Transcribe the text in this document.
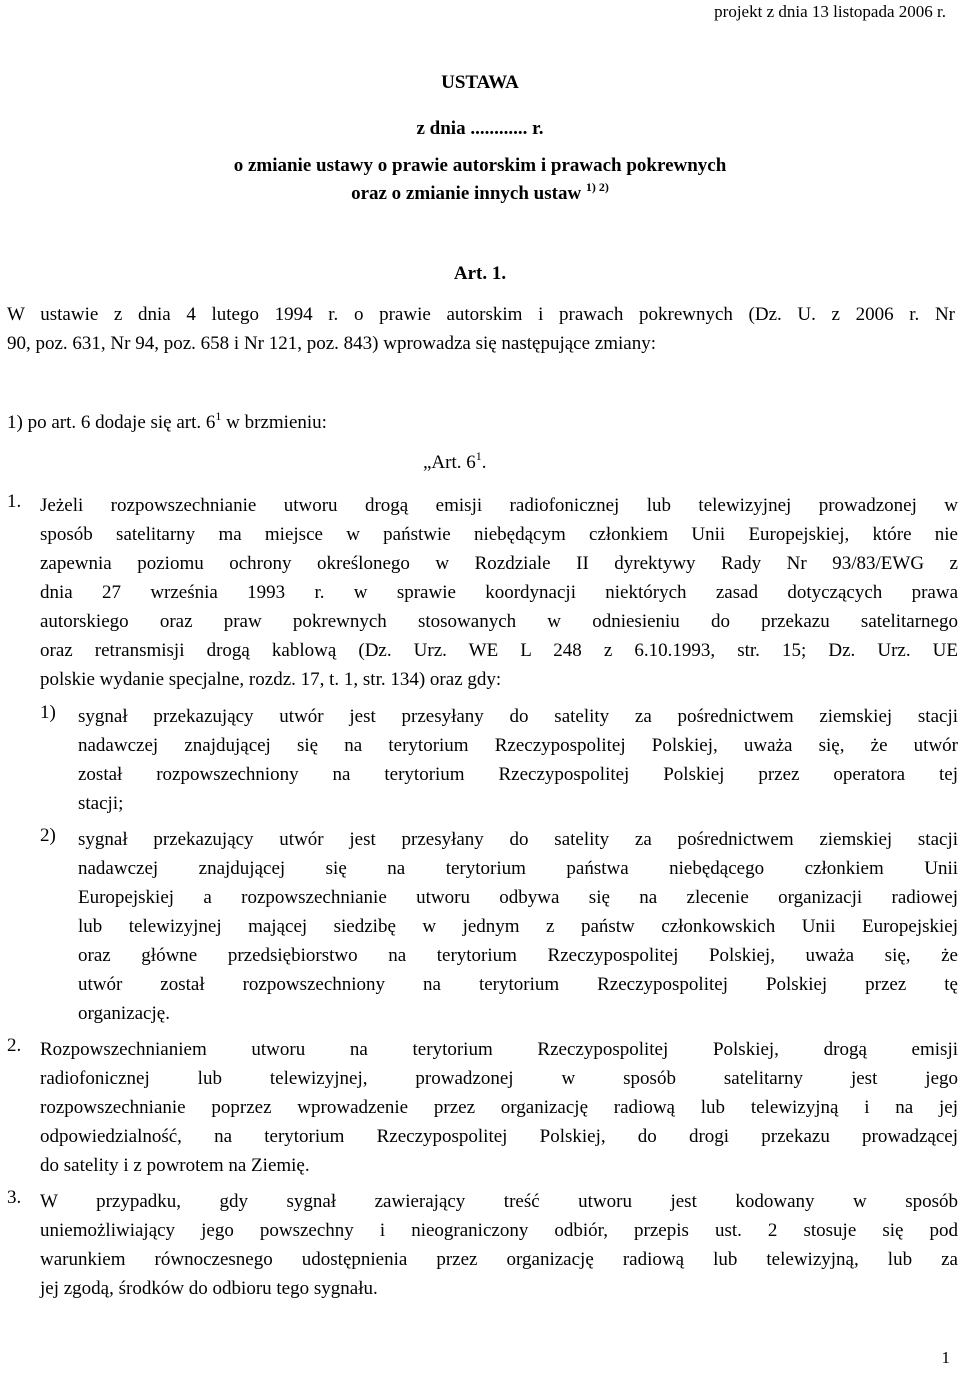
projekt z dnia 13 listopada 2006 r.
USTAWA
z dnia ............ r.
o zmianie ustawy o prawie autorskim i prawach pokrewnych
oraz o zmianie innych ustaw $^{1) 2)}$
Art. 1.
W ustawie z dnia 4 lutego 1994 r. o prawie autorskim i prawach pokrewnych (Dz. U. z 2006 r. Nr
90, poz. 631, Nr 94, poz. 658 i Nr 121, poz. 843) wprowadza się następujące zmiany:
1) po art. 6 dodaje się art. $6^1$ w brzmieniu:
„Art. $6^1$.
1. Jeżeli rozpowszechnianie utworu drogą emisji radiofonicznej lub telewizyjnej prowadzonej w
sposób satelitarny ma miejsce w państwie niebędącym członkiem Unii Europejskiej, które nie
zapewnia poziomu ochrony określonego w Rozdziale II dyrektywy Rady Nr 93/83/EWG z
dnia 27 września 1993 r. w sprawie koordynacji niektórych zasad dotyczących prawa
autorskiego oraz praw pokrewnych stosowanych w odniesieniu do przekazu satelitarnego
oraz retransmisji drogą kablową (Dz. Urz. WE L 248 z 6.10.1993, str. 15; Dz. Urz. UE
polskie wydanie specjalne, rozdz. 17, t. 1, str. 134) oraz gdy:
1) sygnał przekazujący utwór jest przesyłany do satelity za pośrednictwem ziemskiej stacji
nadawczej znajdującej się na terytorium Rzeczypospolitej Polskiej, uważa się, że utwór
został rozpowszechniony na terytorium Rzeczypospolitej Polskiej przez operatora tej
stacji;
2) sygnał przekazujący utwór jest przesyłany do satelity za pośrednictwem ziemskiej stacji
nadawczej znajdującej się na terytorium państwa niebędącego członkiem Unii
Europejskiej a rozpowszechnianie utworu odbywa się na zlecenie organizacji radiowej
lub telewizyjnej mającej siedzibę w jednym z państw członkowskich Unii Europejskiej
oraz główne przedsiębiorstwo na terytorium Rzeczypospolitej Polskiej, uważa się, że
utwór został rozpowszechniony na terytorium Rzeczypospolitej Polskiej przez tę
organizację.
2. Rozpowszechnianiem utworu na terytorium Rzeczypospolitej Polskiej, drogą emisji
radiofonicznej lub telewizyjnej, prowadzonej w sposób satelitarny jest jego
rozpowszechnianie poprzez wprowadzenie przez organizację radiową lub telewizyjną i na jej
odpowiedzialność, na terytorium Rzeczypospolitej Polskiej, do drogi przekazu prowadzącej
do satelity i z powrotem na Ziemię.
3. W przypadku, gdy sygnał zawierający treść utworu jest kodowany w sposób
uniemożliwiający jego powszechny i nieograniczony odbiór, przepis ust. 2 stosuje się pod
warunkiem równoczesnego udostępnienia przez organizację radiową lub telewizyjną, lub za
jej zgodą, środków do odbioru tego sygnału.
1
